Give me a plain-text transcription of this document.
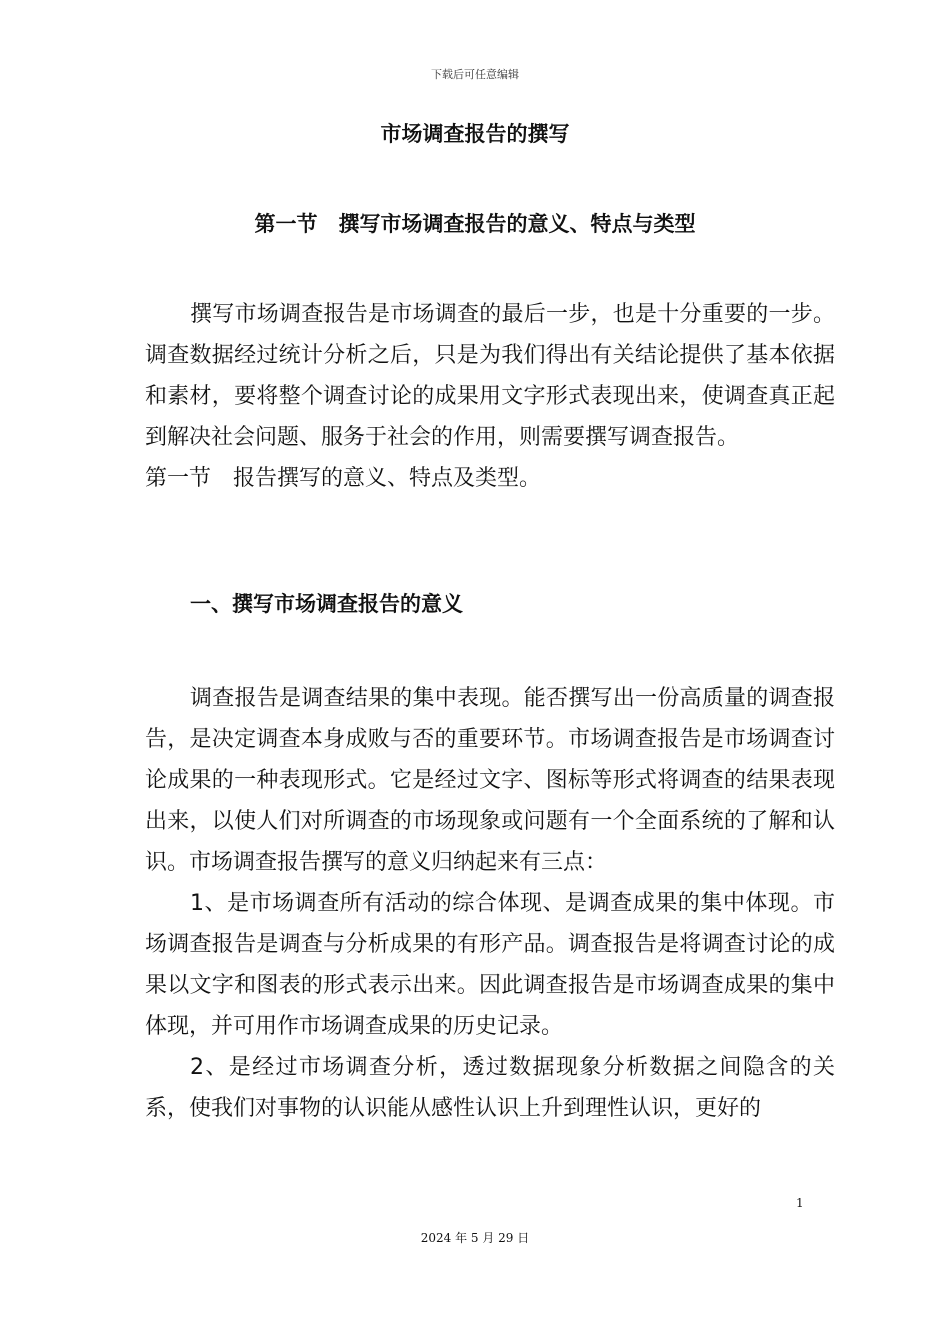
下载后可任意编辑
市场调查报告的撰写
第一节　撰写市场调查报告的意义、特点与类型

撰写市场调查报告是市场调查的最后一步，也是十分重要的一步。调查数据经过统计分析之后，只是为我们得出有关结论提供了基本依据和素材，要将整个调查讨论的成果用文字形式表现出来，使调查真正起到解决社会问题、服务于社会的作用，则需要撰写调查报告。

第一节　报告撰写的意义、特点及类型。

一、撰写市场调查报告的意义

调查报告是调查结果的集中表现。能否撰写出一份高质量的调查报告，是决定调查本身成败与否的重要环节。市场调查报告是市场调查讨论成果的一种表现形式。它是经过文字、图标等形式将调查的结果表现出来，以使人们对所调查的市场现象或问题有一个全面系统的了解和认识。市场调查报告撰写的意义归纳起来有三点：

1、是市场调查所有活动的综合体现、是调查成果的集中体现。市场调查报告是调查与分析成果的有形产品。调查报告是将调查讨论的成果以文字和图表的形式表示出来。因此调查报告是市场调查成果的集中体现，并可用作市场调查成果的历史记录。

2、是经过市场调查分析，透过数据现象分析数据之间隐含的关系，使我们对事物的认识能从感性认识上升到理性认识，更好的

1
2024 年 5 月 29 日
